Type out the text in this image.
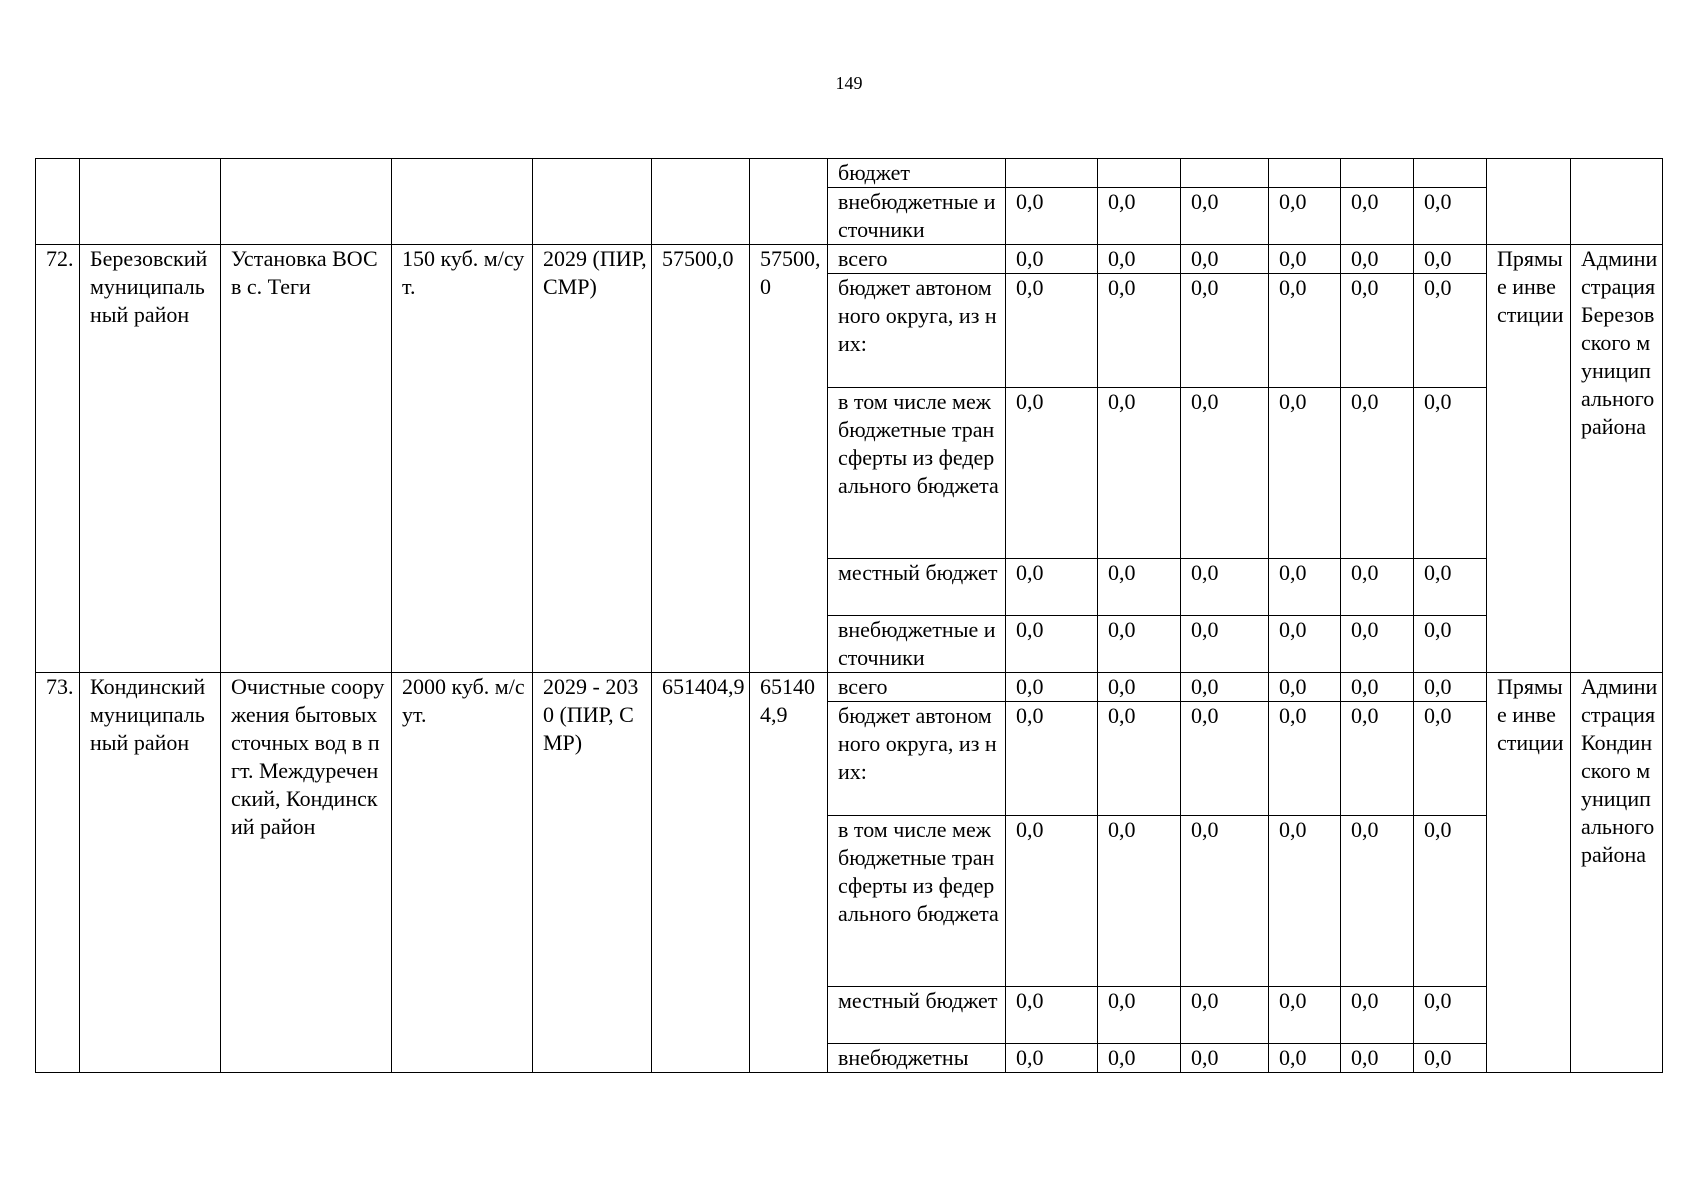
149
							бюджет								
							внебюджетные источники	0,0	0,0	0,0	0,0	0,0	0,0		
72.	Березовский муниципальный район	Установка ВОС в с. Теги	150 куб. м/сут.	2029 (ПИР, СМР)	57500,0	57500,0	всего	0,0	0,0	0,0	0,0	0,0	0,0	Прямые инвестиции	Администрация Березовского муниципального района
							бюджет автономного округа, из них:	0,0	0,0	0,0	0,0	0,0	0,0		
							в том числе межбюджетные трансферты из федерального бюджета	0,0	0,0	0,0	0,0	0,0	0,0		
							местный бюджет	0,0	0,0	0,0	0,0	0,0	0,0		
							внебюджетные источники	0,0	0,0	0,0	0,0	0,0	0,0		
73.	Кондинский муниципальный район	Очистные сооружения бытовых сточных вод в пгт. Междуреченский, Кондинский район	2000 куб. м/сут.	2029 - 2030 (ПИР, СМР)	651404,9	651404,9	всего	0,0	0,0	0,0	0,0	0,0	0,0	Прямые инвестиции	Администрация Кондинского муниципального района
							бюджет автономного округа, из них:	0,0	0,0	0,0	0,0	0,0	0,0		
							в том числе межбюджетные трансферты из федерального бюджета	0,0	0,0	0,0	0,0	0,0	0,0		
							местный бюджет	0,0	0,0	0,0	0,0	0,0	0,0		
							внебюджетны	0,0	0,0	0,0	0,0	0,0	0,0		
